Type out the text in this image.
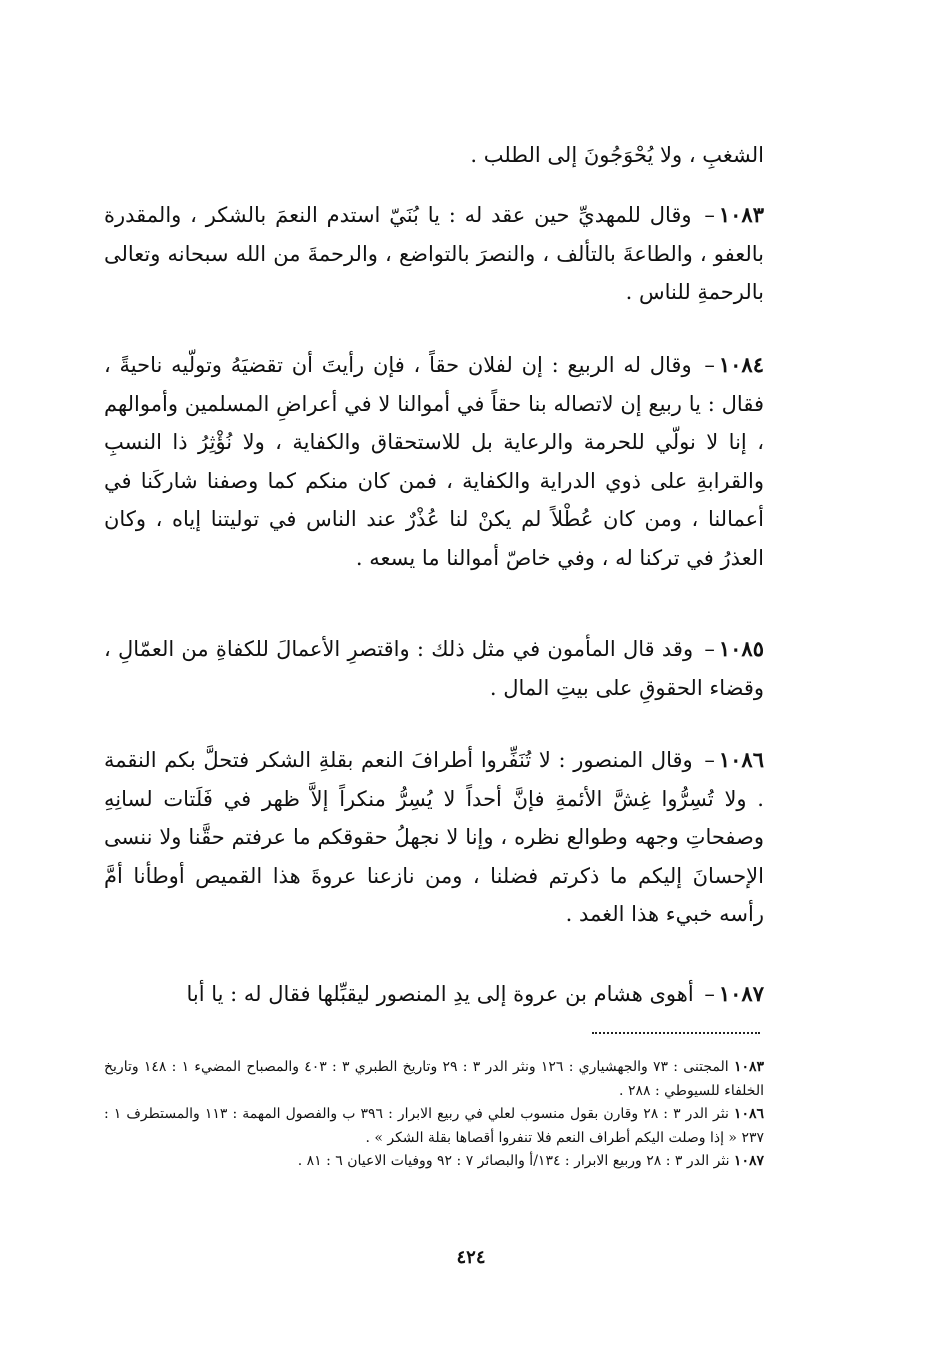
الشغبِ ، ولا يُحْوَجُونَ إلى الطلب .

١٠٨٣– وقال للمهديِّ حين عقد له : يا بُنَيّ استدم النعمَ بالشكر ، والمقدرة بالعفو ، والطاعةَ بالتألف ، والنصرَ بالتواضع ، والرحمةَ من الله سبحانه وتعالى بالرحمةِ للناس .

١٠٨٤– وقال له الربيع : إن لفلان حقاً ، فإن رأيتَ أن تقضيَهُ وتولّيه ناحيةً ، فقال : يا ربيع إن لاتصاله بنا حقاً في أموالنا لا في أعراضِ المسلمين وأموالهم ، إنا لا نولّي للحرمة والرعاية بل للاستحقاق والكفاية ، ولا نُؤْثِرُ ذا النسبِ والقرابةِ على ذوي الدراية والكفاية ، فمن كان منكم كما وصفنا شاركَنا في أعمالنا ، ومن كان عُطْلاً لم يكنْ لنا عُذْرٌ عند الناس في توليتنا إياه ، وكان العذرُ في تركنا له ، وفي خاصّ أموالنا ما يسعه .

١٠٨٥– وقد قال المأمون في مثل ذلك : واقتصرِ الأعمالَ للكفاةِ من العمّالِ ، وقضاء الحقوقِ على بيتِ المال .

١٠٨٦– وقال المنصور : لا تُنَفِّروا أطرافَ النعم بقلةِ الشكر فتحلَّ بكم النقمة . ولا تُسِرُّوا غِشَّ الأئمةِ فإنَّ أحداً لا يُسِرُّ منكراً إلاَّ ظهر في فَلَتات لسانِهِ وصفحاتِ وجهه وطوالع نظره ، وإنا لا نجهلُ حقوقكم ما عرفتم حقَّنا ولا ننسى الإحسانَ إليكم ما ذكرتم فضلنا ، ومن نازعنا عروةَ هذا القميص أوطأنا أمَّ رأسه خبيء هذا الغمد .

١٠٨٧– أهوى هشام بن عروة إلى يدِ المنصور ليقبِّلها فقال له : يا أبا

١٠٨٣ المجتنى : ٧٣ والجهشياري : ١٢٦ ونثر الدر ٣ : ٢٩ وتاريخ الطبري ٣ : ٤٠٣ والمصباح المضيء ١ : ١٤٨ وتاريخ الخلفاء للسيوطي : ٢٨٨ .

١٠٨٦ نثر الدر ٣ : ٢٨ وقارن بقول منسوب لعلي في ربيع الابرار : ٣٩٦ ب والفصول المهمة : ١١٣ والمستطرف ١ : ٢٣٧ « إذا وصلت اليكم أطراف النعم فلا تنفروا أقصاها بقلة الشكر » .

١٠٨٧ نثر الدر ٣ : ٢٨ وربيع الابرار : ١٣٤/أ والبصائر ٧ : ٩٢ ووفيات الاعيان ٦ : ٨١ .

٤٢٤
